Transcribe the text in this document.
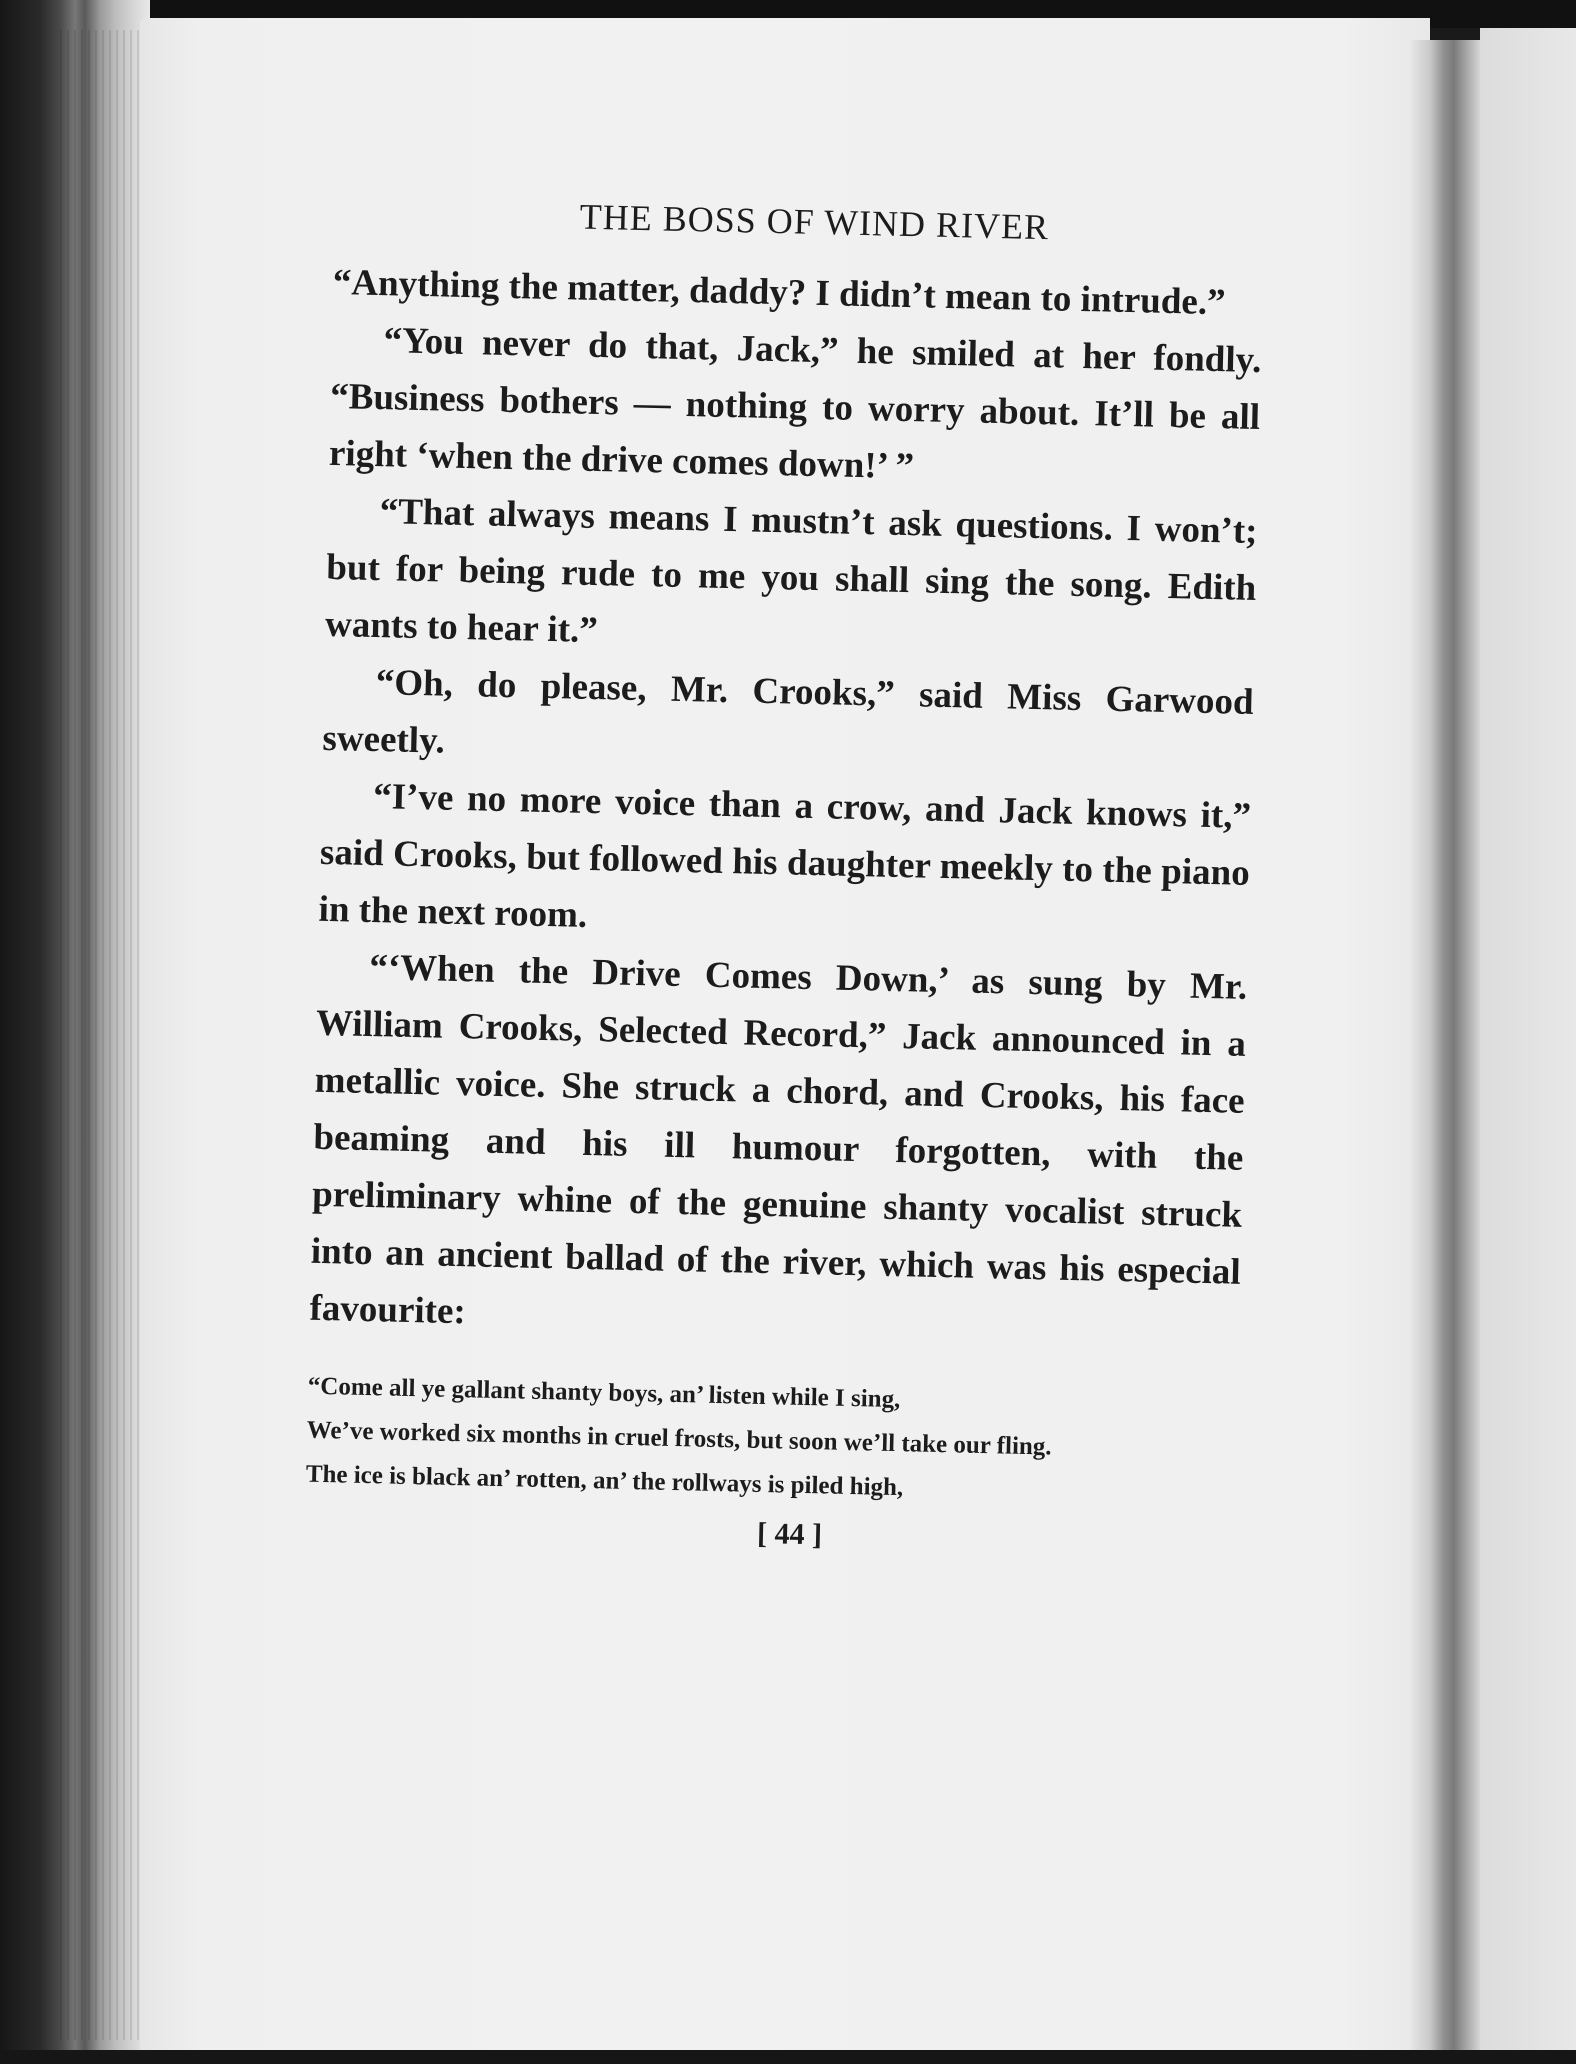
THE BOSS OF WIND RIVER

“Anything the matter, daddy? I didn’t mean to intrude.”

“You never do that, Jack,” he smiled at her fondly. “Business bothers — nothing to worry about. It’ll be all right ‘when the drive comes down!’ ”

“That always means I mustn’t ask questions. I won’t; but for being rude to me you shall sing the song. Edith wants to hear it.”

“Oh, do please, Mr. Crooks,” said Miss Garwood sweetly.

“I’ve no more voice than a crow, and Jack knows it,” said Crooks, but followed his daughter meekly to the piano in the next room.

“‘When the Drive Comes Down,’ as sung by Mr. William Crooks, Selected Record,” Jack announced in a metallic voice. She struck a chord, and Crooks, his face beaming and his ill humour forgotten, with the preliminary whine of the genuine shanty vocalist struck into an ancient ballad of the river, which was his especial favourite:

“Come all ye gallant shanty boys, an’ listen while I sing,
We’ve worked six months in cruel frosts, but soon we’ll take our fling.
The ice is black an’ rotten, an’ the rollways is piled high,
[ 44 ]
